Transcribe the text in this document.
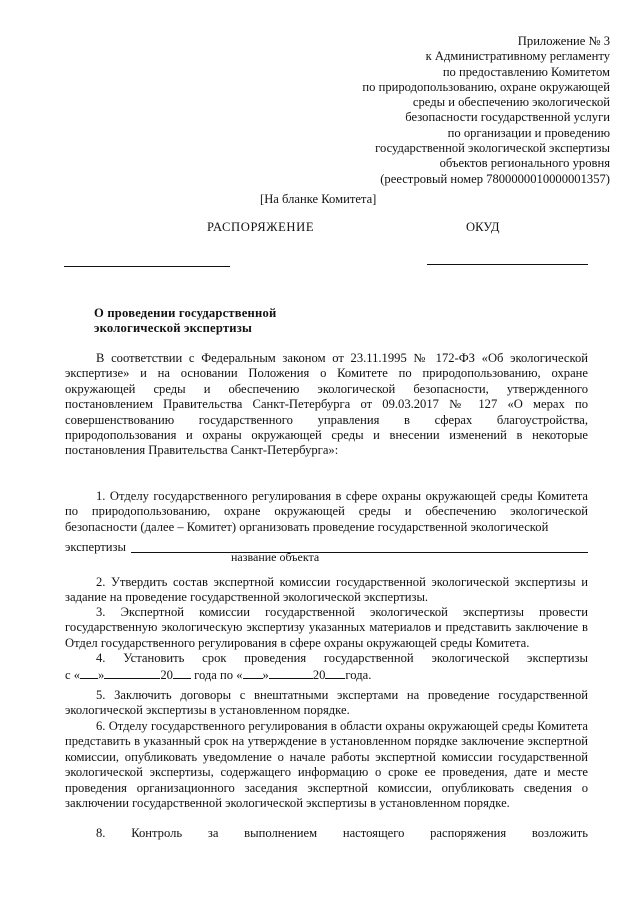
Приложение № 3
к Административному регламенту
по предоставлению Комитетом
по природопользованию, охране окружающей
среды и обеспечению экологической
безопасности государственной услуги
по организации и проведению
государственной экологической экспертизы
объектов регионального уровня
(реестровый номер 7800000010000001357)
[На бланке Комитета]
РАСПОРЯЖЕНИЕ	ОКУД
О проведении государственной
экологической экспертизы
В соответствии с Федеральным законом от 23.11.1995 № 172-ФЗ «Об экологической экспертизе» и на основании Положения о Комитете по природопользованию, охране окружающей среды и обеспечению экологической безопасности, утвержденного постановлением Правительства Санкт-Петербурга от 09.03.2017 № 127 «О мерах по совершенствованию государственного управления в сферах благоустройства, природопользования и охраны окружающей среды и внесении изменений в некоторые постановления Правительства Санкт-Петербурга»:
1. Отделу государственного регулирования в сфере охраны окружающей среды Комитета по природопользованию, охране окружающей среды и обеспечению экологической безопасности (далее – Комитет) организовать проведение государственной экологической
экспертизы
название объекта
2. Утвердить состав экспертной комиссии государственной экологической экспертизы и задание на проведение государственной экологической экспертизы.
3. Экспертной комиссии государственной экологической экспертизы провести государственную экологическую экспертизу указанных материалов и представить заключение в Отдел государственного регулирования в сфере охраны окружающей среды Комитета.
4. Установить срок проведения государственной экологической экспертизы
с « »	20 года по « »	20 года.
5. Заключить договоры с внештатными экспертами на проведение государственной экологической экспертизы в установленном порядке.
6. Отделу государственного регулирования в области охраны окружающей среды Комитета представить в указанный срок на утверждение в установленном порядке заключение экспертной комиссии, опубликовать уведомление о начале работы экспертной комиссии государственной экологической экспертизы, содержащего информацию о сроке ее проведения, дате и месте проведения организационного заседания экспертной комиссии, опубликовать сведения о заключении государственной экологической экспертизы в установленном порядке.
8. Контроль за выполнением настоящего распоряжения возложить
